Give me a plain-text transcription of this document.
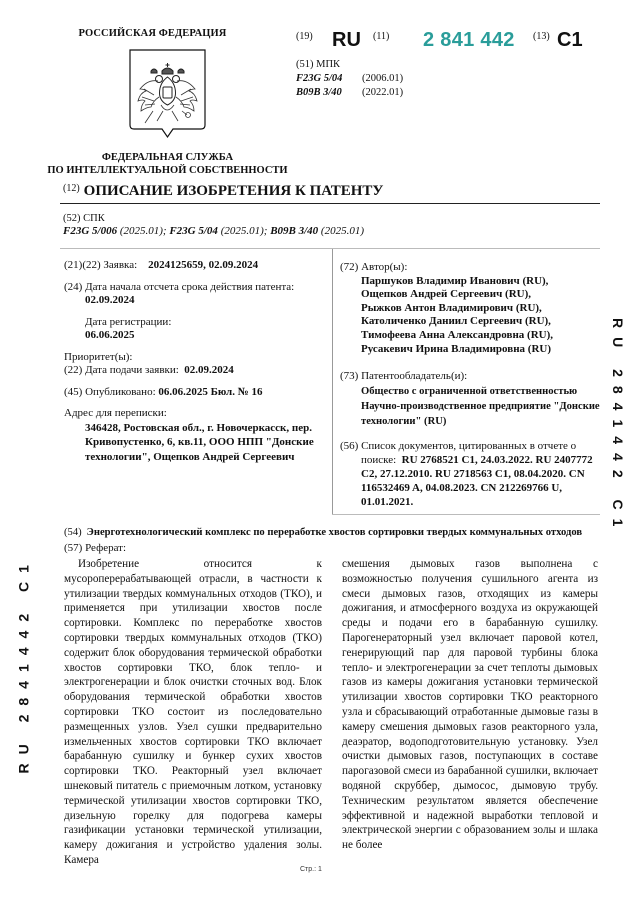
РОССИЙСКАЯ ФЕДЕРАЦИЯ
ФЕДЕРАЛЬНАЯ СЛУЖБА
ПО ИНТЕЛЛЕКТУАЛЬНОЙ СОБСТВЕННОСТИ
(19) RU (11) 2 841 442 (13) C1
(51) МПК
F23G 5/04 (2006.01)
B09B 3/40 (2022.01)
$^{(12)}$ ОПИСАНИЕ ИЗОБРЕТЕНИЯ К ПАТЕНТУ
(52) СПК
F23G 5/006 (2025.01); F23G 5/04 (2025.01); B09B 3/40 (2025.01)
(21)(22) Заявка: 2024125659, 02.09.2024
(24) Дата начала отсчета срока действия патента:
02.09.2024
Дата регистрации:
06.06.2025
Приоритет(ы):
(22) Дата подачи заявки: 02.09.2024
(45) Опубликовано: 06.06.2025 Бюл. № 16
Адрес для переписки:
346428, Ростовская обл., г. Новочеркасск, пер. Кривопустенко, 6, кв.11, ООО НПП "Донские технологии", Ощепков Андрей Сергеевич
(72) Автор(ы):
Паршуков Владимир Иванович (RU),
Ощепков Андрей Сергеевич (RU),
Рыжков Антон Владимирович (RU),
Католиченко Даниил Сергеевич (RU),
Тимофеева Анна Александровна (RU),
Русакевич Ирина Владимировна (RU)
(73) Патентообладатель(и):
Общество с ограниченной ответственностью Научно-производственное предприятие "Донские технологии" (RU)
(56) Список документов, цитированных в отчете о поиске: RU 2768521 C1, 24.03.2022. RU 2407772 C2, 27.12.2010. RU 2718563 C1, 08.04.2020. CN 116532469 A, 04.08.2023. CN 212269766 U, 01.01.2021.	RU 2841442 C1
RU 2841442 C1
(54) Энерготехнологический комплекс по переработке хвостов сортировки твердых коммунальных отходов
(57) Реферат:
Изобретение относится к мусороперерабатывающей отрасли, в частности к утилизации твердых коммунальных отходов (ТКО), и применяется при утилизации хвостов после сортировки. Комплекс по переработке хвостов сортировки твердых коммунальных отходов (ТКО) содержит блок оборудования термической обработки хвостов сортировки ТКО, блок тепло- и электрогенерации и блок очистки сточных вод. Блок оборудования термической обработки хвостов сортировки ТКО состоит из последовательно размещенных узлов. Узел сушки предварительно измельченных хвостов сортировки ТКО включает барабанную сушилку и бункер сухих хвостов сортировки ТКО. Реакторный узел включает шнековый питатель с приемочным лотком, установку термической утилизации хвостов сортировки ТКО, дизельную горелку для подогрева камеры газификации установки термической утилизации, камеру дожигания и устройство удаления золы. Камера
смешения дымовых газов выполнена с возможностью получения сушильного агента из смеси дымовых газов, отходящих из камеры дожигания, и атмосферного воздуха из окружающей среды и подачи его в барабанную сушилку. Парогенераторный узел включает паровой котел, генерирующий пар для паровой турбины блока тепло- и электрогенерации за счет теплоты дымовых газов из камеры дожигания установки термической утилизации хвостов сортировки ТКО реакторного узла и сбрасывающий отработанные дымовые газы в камеру смешения дымовых газов реакторного узла, деаэратор, водоподготовительную установку. Узел очистки дымовых газов, поступающих в составе парогазовой смеси из барабанной сушилки, включает водяной скруббер, дымосос, дымовую трубу. Техническим результатом является обеспечение эффективной и надежной выработки тепловой и электрической энергии с образованием золы и шлака не более
Стр.: 1
